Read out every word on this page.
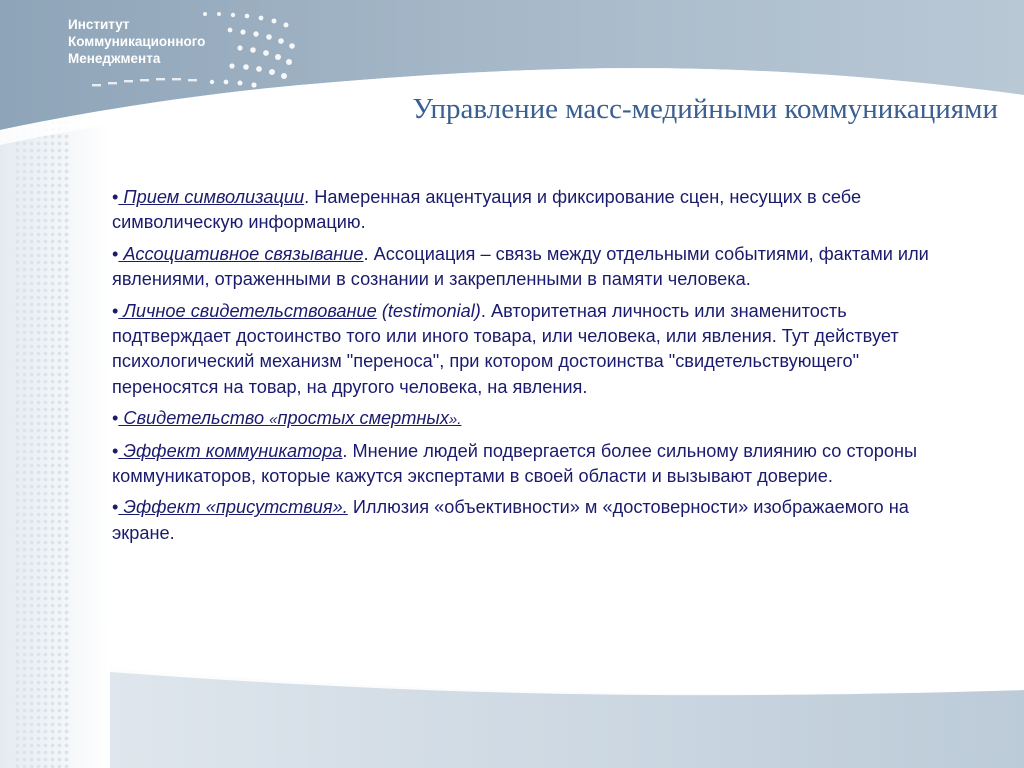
Институт
Коммуникационного
Менеджмента
Управление масс-медийными коммуникациями

• Прием символизации. Намеренная акцентуация и фиксирование сцен, несущих в себе символическую информацию.

• Ассоциативное связывание. Ассоциация – связь между отдельными событиями, фактами или явлениями, отраженными в сознании и закрепленными в памяти человека.

• Личное свидетельствование (testimonial). Авторитетная личность или знаменитость подтверждает достоинство того или иного товара, или человека, или явления. Тут действует психологический механизм "переноса", при котором достоинства "свидетельствующего" переносятся на товар, на другого человека, на явления.

• Свидетельство «простых смертных».

• Эффект коммуникатора. Мнение людей подвергается более сильному влиянию со стороны коммуникаторов, которые кажутся экспертами в своей области и вызывают доверие.

• Эффект «присутствия». Иллюзия «объективности» м «достоверности» изображаемого на экране.
